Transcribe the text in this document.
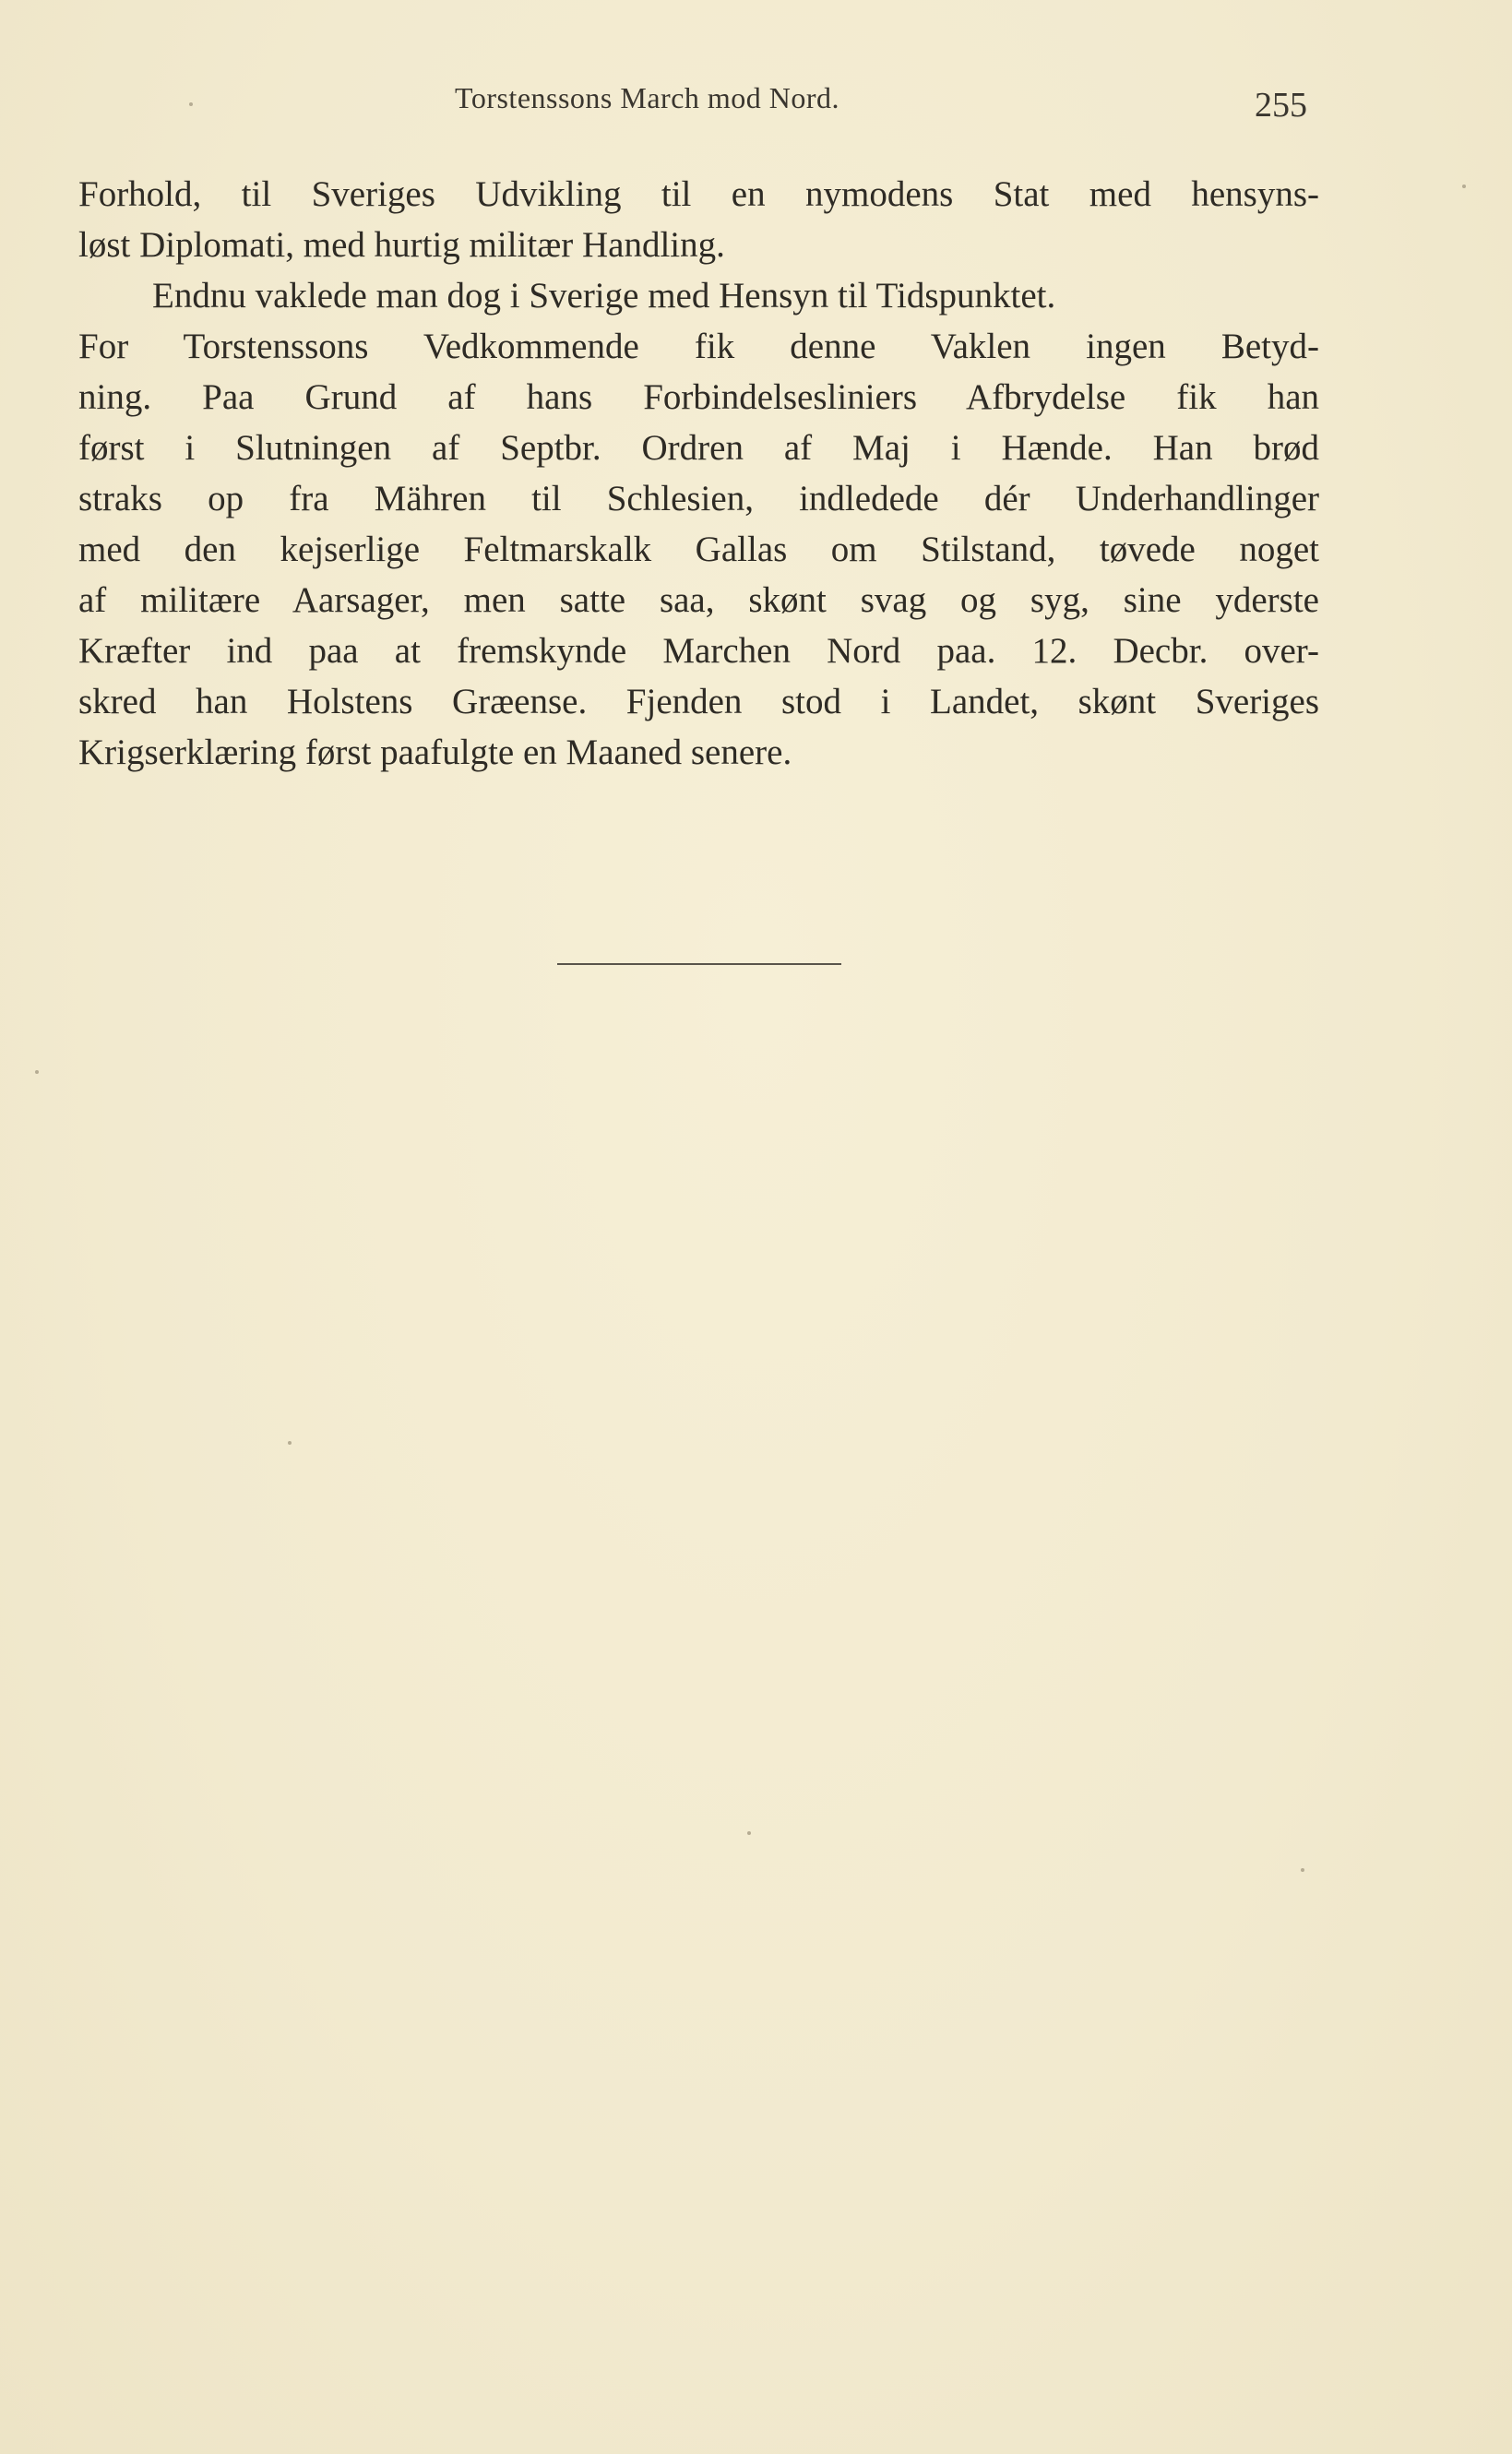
Torstenssons March mod Nord.	255
Forhold, til Sveriges Udvikling til en nymodens Stat med hensyns-
løst Diplomati, med hurtig militær Handling.
Endnu vaklede man dog i Sverige med Hensyn til Tidspunktet.
For Torstenssons Vedkommende fik denne Vaklen ingen Betyd-
ning. Paa Grund af hans Forbindelsesliniers Afbrydelse fik han
først i Slutningen af Septbr. Ordren af Maj i Hænde. Han brød
straks op fra Mähren til Schlesien, indledede dér Underhandlinger
med den kejserlige Feltmarskalk Gallas om Stilstand, tøvede noget
af militære Aarsager, men satte saa, skønt svag og syg, sine yderste
Kræfter ind paa at fremskynde Marchen Nord paa. 12. Decbr. over-
skred han Holstens Græense. Fjenden stod i Landet, skønt Sveriges
Krigserklæring først paafulgte en Maaned senere.
